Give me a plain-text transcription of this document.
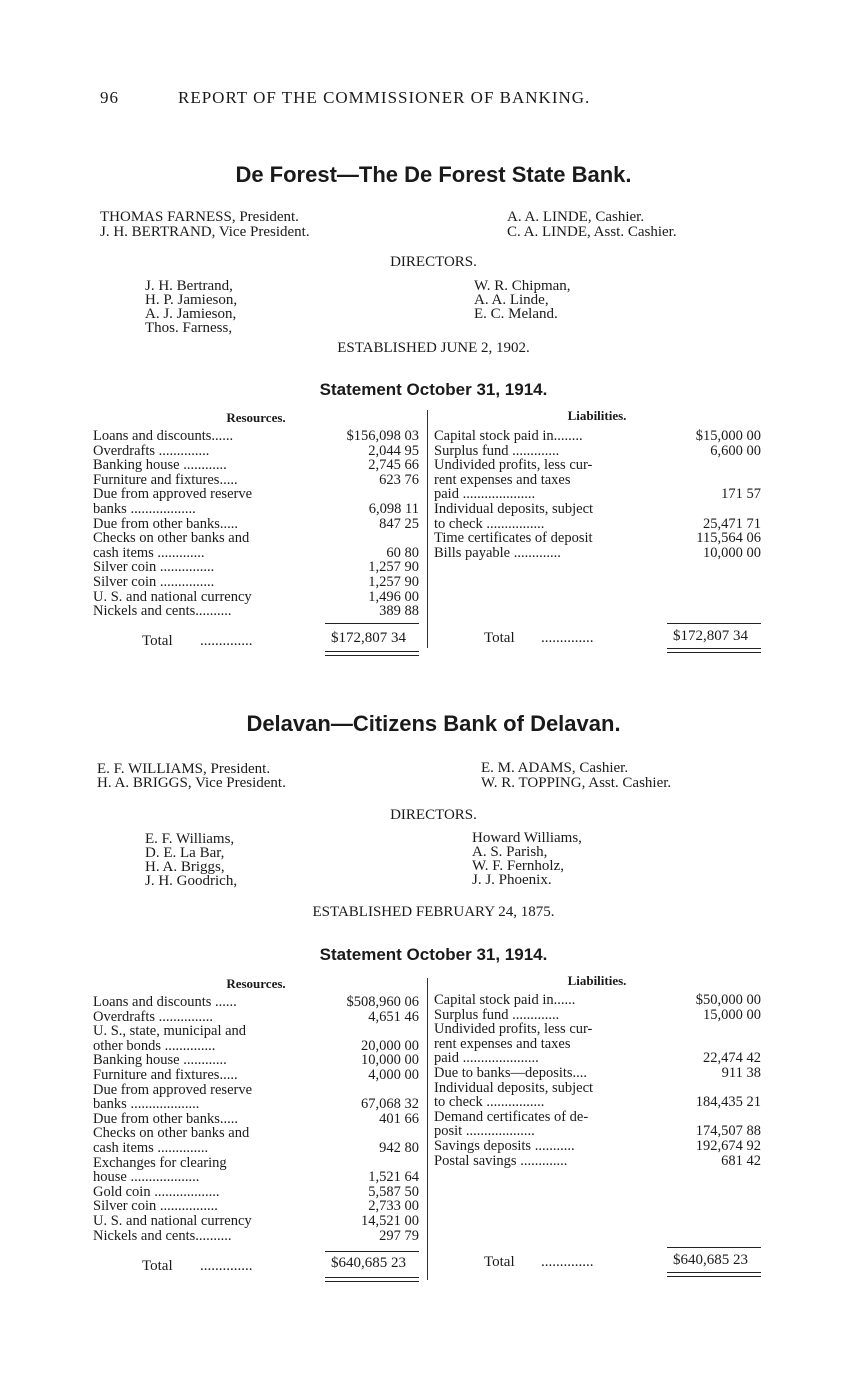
96	REPORT OF THE COMMISSIONER OF BANKING.
De Forest—The De Forest State Bank.
THOMAS FARNESS, President.
J. H. BERTRAND, Vice President.
A. A. LINDE, Cashier.
C. A. LINDE, Asst. Cashier.
DIRECTORS.
J. H. Bertrand,
H. P. Jamieson,
A. J. Jamieson,
Thos. Farness,
W. R. Chipman,
A. A. Linde,
E. C. Meland.
ESTABLISHED JUNE 2, 1902.
Statement October 31, 1914.
Resources.	Liabilities.
Loans and discounts......	$156,098 03
Overdrafts ..............	2,044 95
Banking house ............	2,745 66
Furniture and fixtures.....	623 76
Due from approved reserve
banks ..................	6,098 11
Due from other banks.....	847 25
Checks on other banks and
cash items .............	60 80
Silver coin ...............	1,257 90
Silver coin ...............	1,257 90
U. S. and national currency	1,496 00
Nickels and cents..........	389 88
Capital stock paid in........	$15,000 00
Surplus fund .............	6,600 00
Undivided profits, less cur-
rent expenses and taxes
paid ....................	171 57
Individual deposits, subject
to check ................	25,471 71
Time certificates of deposit	115,564 06
Bills payable .............	10,000 00
Total ..............	$172,807 34	Total ..............	$172,807 34
Delavan—Citizens Bank of Delavan.
E. F. WILLIAMS, President.
H. A. BRIGGS, Vice President.
E. M. ADAMS, Cashier.
W. R. TOPPING, Asst. Cashier.
DIRECTORS.
E. F. Williams,
D. E. La Bar,
H. A. Briggs,
J. H. Goodrich,
Howard Williams,
A. S. Parish,
W. F. Fernholz,
J. J. Phoenix.
ESTABLISHED FEBRUARY 24, 1875.
Statement October 31, 1914.
Resources.	Liabilities.
Loans and discounts ......	$508,960 06
Overdrafts ...............	4,651 46
U. S., state, municipal and
other bonds ..............	20,000 00
Banking house ............	10,000 00
Furniture and fixtures.....	4,000 00
Due from approved reserve
banks ...................	67,068 32
Due from other banks.....	401 66
Checks on other banks and
cash items ..............	942 80
Exchanges for clearing
house ...................	1,521 64
Gold coin ..................	5,587 50
Silver coin ................	2,733 00
U. S. and national currency	14,521 00
Nickels and cents..........	297 79
Capital stock paid in......	$50,000 00
Surplus fund .............	15,000 00
Undivided profits, less cur-
rent expenses and taxes
paid .....................	22,474 42
Due to banks—deposits....	911 38
Individual deposits, subject
to check ................	184,435 21
Demand certificates of de-
posit ...................	174,507 88
Savings deposits ...........	192,674 92
Postal savings .............	681 42
Total ..............	$640,685 23	Total ..............	$640,685 23
